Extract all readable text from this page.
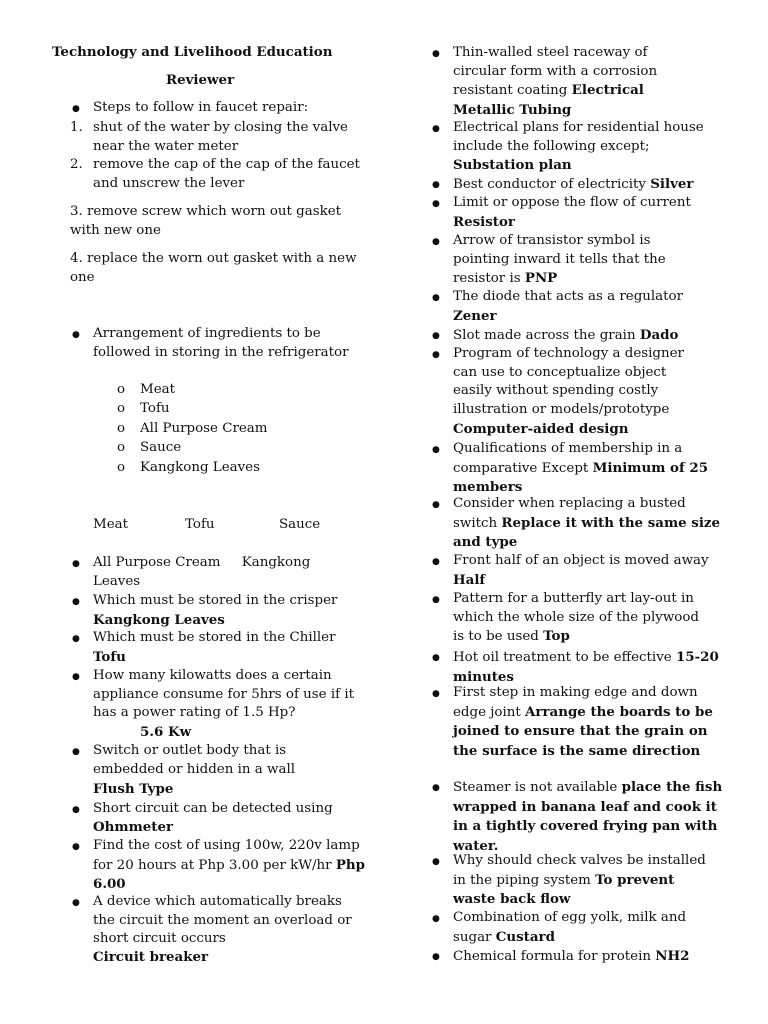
Technology and Livelihood Education
Reviewer
● Steps to follow in faucet repair:
1. shut of the water by closing the valve near the water meter
2. remove the cap of the cap of the faucet and unscrew the lever
3. remove screw which worn out gasket with new one
4. replace the worn out gasket with a new one
● Arrangement of ingredients to be followed in storing in the refrigerator
o Meat
o Tofu
o All Purpose Cream
o Sauce
o Kangkong Leaves
Meat	Tofu	Sauce
● All Purpose Cream     Kangkong Leaves
● Which must be stored in the crisper Kangkong Leaves
● Which must be stored in the Chiller Tofu
● How many kilowatts does a certain appliance consume for 5hrs of use if it has a power rating of 1.5 Hp?
5.6 Kw
● Switch or outlet body that is embedded or hidden in a wall
Flush Type
● Short circuit can be detected using
Ohmmeter
● Find the cost of using 100w, 220v lamp for 20 hours at Php 3.00 per kW/hr Php 6.00
● A device which automatically breaks the circuit the moment an overload or short circuit occurs
Circuit breaker
● Thin-walled steel raceway of circular form with a corrosion resistant coating Electrical Metallic Tubing
● Electrical plans for residential house include the following except; Substation plan
● Best conductor of electricity Silver
● Limit or oppose the flow of current Resistor
● Arrow of transistor symbol is pointing inward it tells that the resistor is PNP
● The diode that acts as a regulator Zener
● Slot made across the grain Dado
● Program of technology a designer can use to conceptualize object easily without spending costly illustration or models/prototype
Computer-aided design
● Qualifications of membership in a comparative Except Minimum of 25 members
● Consider when replacing a busted switch Replace it with the same size and type
● Front half of an object is moved away Half
● Pattern for a butterfly art lay-out in which the whole size of the plywood is to be used Top
● Hot oil treatment to be effective 15-20 minutes
● First step in making edge and down edge joint Arrange the boards to be joined to ensure that the grain on the surface is the same direction
● Steamer is not available place the fish wrapped in banana leaf and cook it in a tightly covered frying pan with water.
● Why should check valves be installed in the piping system To prevent waste back flow
● Combination of egg yolk, milk and sugar Custard
● Chemical formula for protein NH2
